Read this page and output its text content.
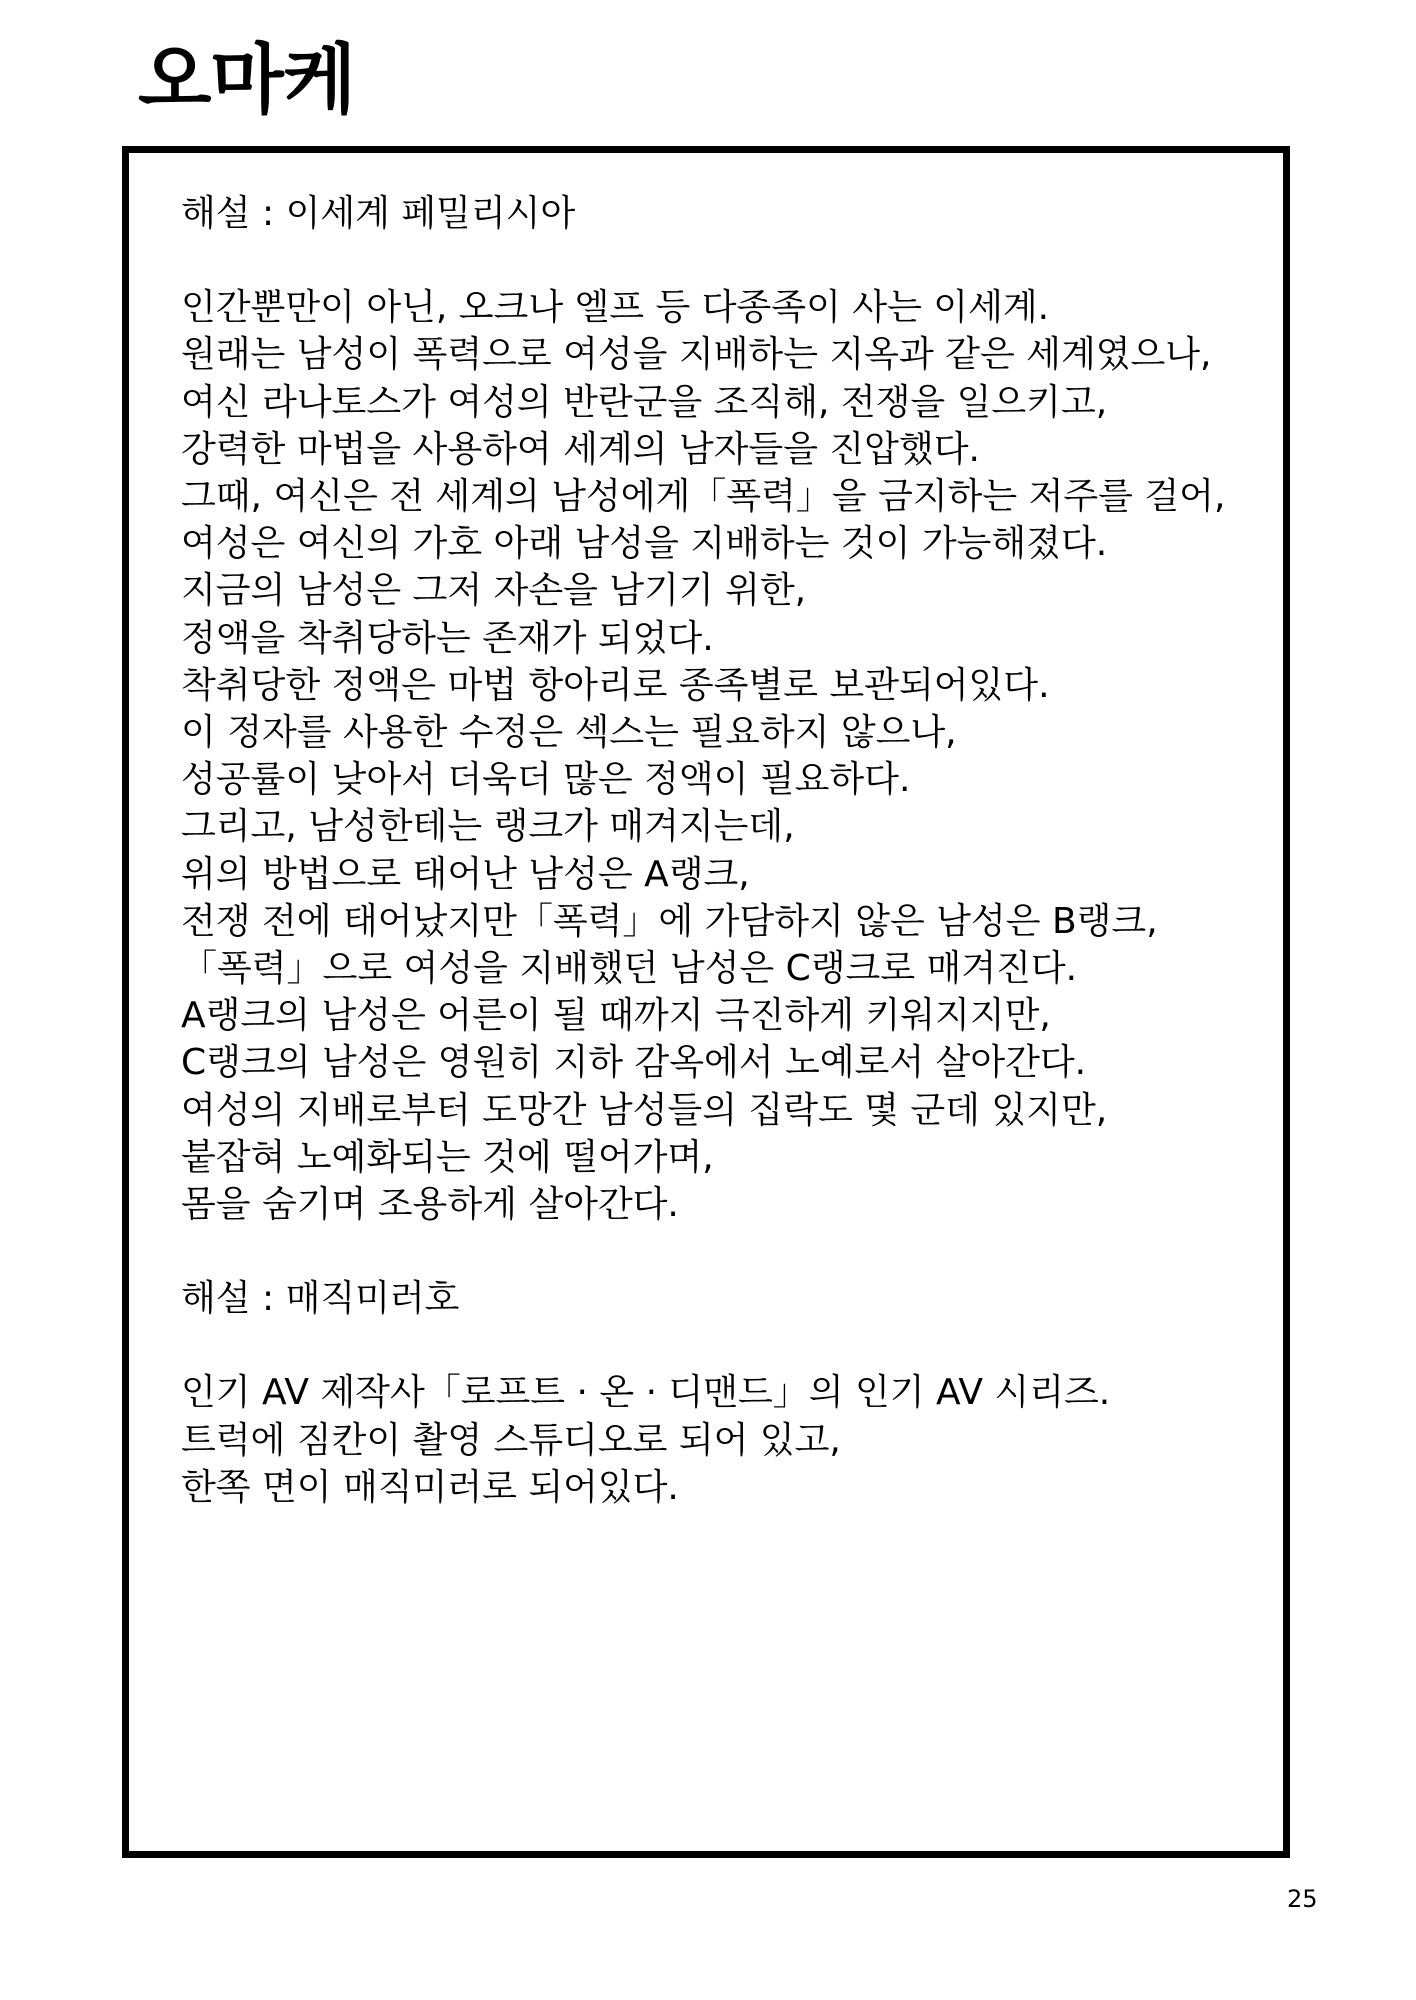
오마케
해설 : 이세계 페밀리시아
인간뿐만이 아닌, 오크나 엘프 등 다종족이 사는 이세계.
원래는 남성이 폭력으로 여성을 지배하는 지옥과 같은 세계였으나,
여신 라나토스가 여성의 반란군을 조직해, 전쟁을 일으키고,
강력한 마법을 사용하여 세계의 남자들을 진압했다.
그때, 여신은 전 세계의 남성에게「폭력」을 금지하는 저주를 걸어,
여성은 여신의 가호 아래 남성을 지배하는 것이 가능해졌다.
지금의 남성은 그저 자손을 남기기 위한,
정액을 착취당하는 존재가 되었다.
착취당한 정액은 마법 항아리로 종족별로 보관되어있다.
이 정자를 사용한 수정은 섹스는 필요하지 않으나,
성공률이 낮아서 더욱더 많은 정액이 필요하다.
그리고, 남성한테는 랭크가 매겨지는데,
위의 방법으로 태어난 남성은 A랭크,
전쟁 전에 태어났지만「폭력」에 가담하지 않은 남성은 B랭크,
「폭력」으로 여성을 지배했던 남성은 C랭크로 매겨진다.
A랭크의 남성은 어른이 될 때까지 극진하게 키워지지만,
C랭크의 남성은 영원히 지하 감옥에서 노예로서 살아간다.
여성의 지배로부터 도망간 남성들의 집락도 몇 군데 있지만,
붙잡혀 노예화되는 것에 떨어가며,
몸을 숨기며 조용하게 살아간다.
해설 : 매직미러호
인기 AV 제작사「로프트 · 온 · 디맨드」의 인기 AV 시리즈.
트럭에 짐칸이 촬영 스튜디오로 되어 있고,
한쪽 면이 매직미러로 되어있다.
25
